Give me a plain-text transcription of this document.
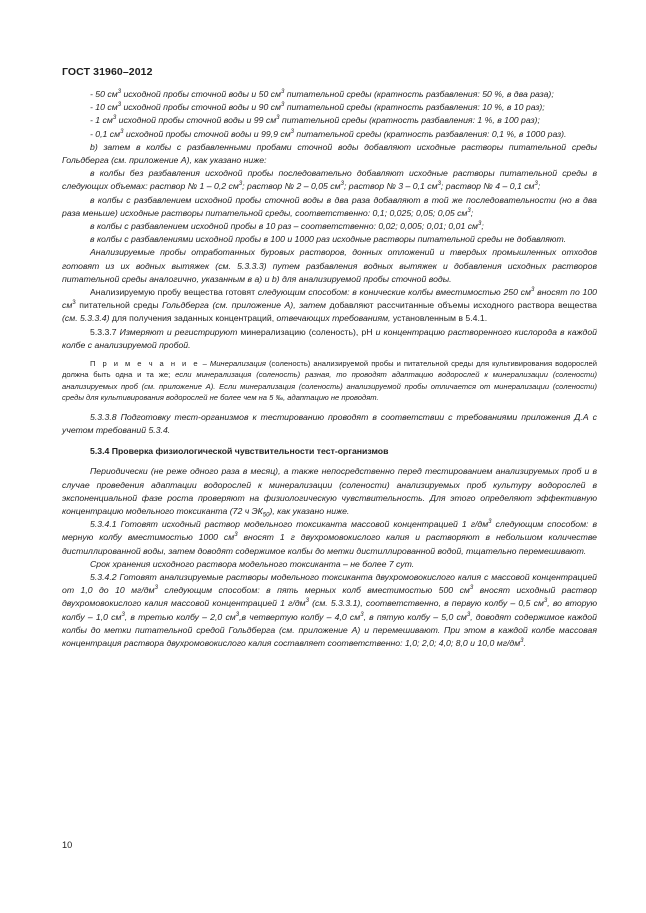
ГОСТ 31960–2012

- 50 $см^3$ исходной пробы сточной воды и 50 $см^3$ питательной среды (кратность разбавления: 50 %, в два раза);

- 10 $см^3$ исходной пробы сточной воды и 90 $см^3$ питательной среды (кратность разбавления: 10 %, в 10 раз);

- 1 $см^3$ исходной пробы сточной воды и 99 $см^3$ питательной среды (кратность разбавления: 1 %, в 100 раз);

- 0,1 $см^3$ исходной пробы сточной воды и 99,9 $см^3$ питательной среды (кратность разбавления: 0,1 %, в 1000 раз).

b) затем в колбы с разбавленными пробами сточной воды добавляют исходные растворы питательной среды Гольдберга (см. приложение А), как указано ниже:

в колбы без разбавления исходной пробы последовательно добавляют исходные растворы питательной среды в следующих объемах: раствор № 1 – 0,2 $см^3$; раствор № 2 – 0,05 $см^3$; раствор № 3 – 0,1 $см^3$; раствор № 4 – 0,1 $см^3$;

в колбы с разбавлением исходной пробы сточной воды в два раза добавляют в той же последовательности (но в два раза меньше) исходные растворы питательной среды, соответственно: 0,1; 0,025; 0,05; 0,05 $см^3$;

в колбы с разбавлением исходной пробы в 10 раз – соответственно: 0,02; 0,005; 0,01; 0,01 $см^3$;

в колбы с разбавлениями исходной пробы в 100 и 1000 раз исходные растворы питательной среды не добавляют.

Анализируемые пробы отработанных буровых растворов, донных отложений и твердых промышленных отходов готовят из их водных вытяжек (см. 5.3.3.3) путем разбавления водных вытяжек и добавления исходных растворов питательной среды аналогично, указанным в а) и b) для анализируемой пробы сточной воды.

Анализируемую пробу вещества готовят следующим способом: в конические колбы вместимостью 250 $см^3$ вносят по 100 $см^3$ питательной среды Гольдберга (см. приложение А), затем добавляют рассчитанные объемы исходного раствора вещества (см. 5.3.3.4) для получения заданных концентраций, отвечающих требованиям, установленным в 5.4.1.

5.3.3.7 Измеряют и регистрируют минерализацию (соленость), pH и концентрацию растворенного кислорода в каждой колбе с анализируемой пробой.

П р и м е ч а н и е – Минерализация (соленость) анализируемой пробы и питательной среды для культивирования водорослей должна быть одна и та же; если минерализация (соленость) разная, то проводят адаптацию водорослей к минерализации (солености) анализируемых проб (см. приложение А). Если минерализация (соленость) анализируемой пробы отличается от минерализации (солености) среды для культивирования водорослей не более чем на 5 ‰, адаптацию не проводят.

5.3.3.8 Подготовку тест-организмов к тестированию проводят в соответствии с требованиями приложения Д.А с учетом требований 5.3.4.

5.3.4 Проверка физиологической чувствительности тест-организмов

Периодически (не реже одного раза в месяц), а также непосредственно перед тестированием анализируемых проб и в случае проведения адаптации водорослей к минерализации (солености) анализируемых проб культуру водорослей в экспоненциальной фазе роста проверяют на физиологическую чувствительность. Для этого определяют эффективную концентрацию модельного токсиканта (72 ч $ЭК_{50}$), как указано ниже.

5.3.4.1 Готовят исходный раствор модельного токсиканта массовой концентрацией 1 $г/дм^3$ следующим способом: в мерную колбу вместимостью 1000 $см^3$ вносят 1 г двухромовокислого калия и растворяют в небольшом количестве дистиллированной воды, затем доводят содержимое колбы до метки дистиллированной водой, тщательно перемешивают.

Срок хранения исходного раствора модельного токсиканта – не более 7 сут.

5.3.4.2 Готовят анализируемые растворы модельного токсиканта двухромовокислого калия с массовой концентрацией от 1,0 до 10 $мг/дм^3$ следующим способом: в пять мерных колб вместимостью 500 $см^3$ вносят исходный раствор двухромовокислого калия массовой концентрацией 1 $г/дм^3$ (см. 5.3.3.1), соответственно, в первую колбу – 0,5 $см^3$, во вторую колбу – 1,0 $см^3$, в третью колбу – 2,0 $см^3,в$ четвертую колбу – 4,0 $см^3$, в пятую колбу – 5,0 $см^3$, доводят содержимое каждой колбы до метки питательной средой Гольдберга (см. приложение А) и перемешивают. При этом в каждой колбе массовая концентрация раствора двухромовокислого калия составляет соответственно: 1,0; 2,0; 4,0; 8,0 и 10,0 $мг/дм^3$.

10
